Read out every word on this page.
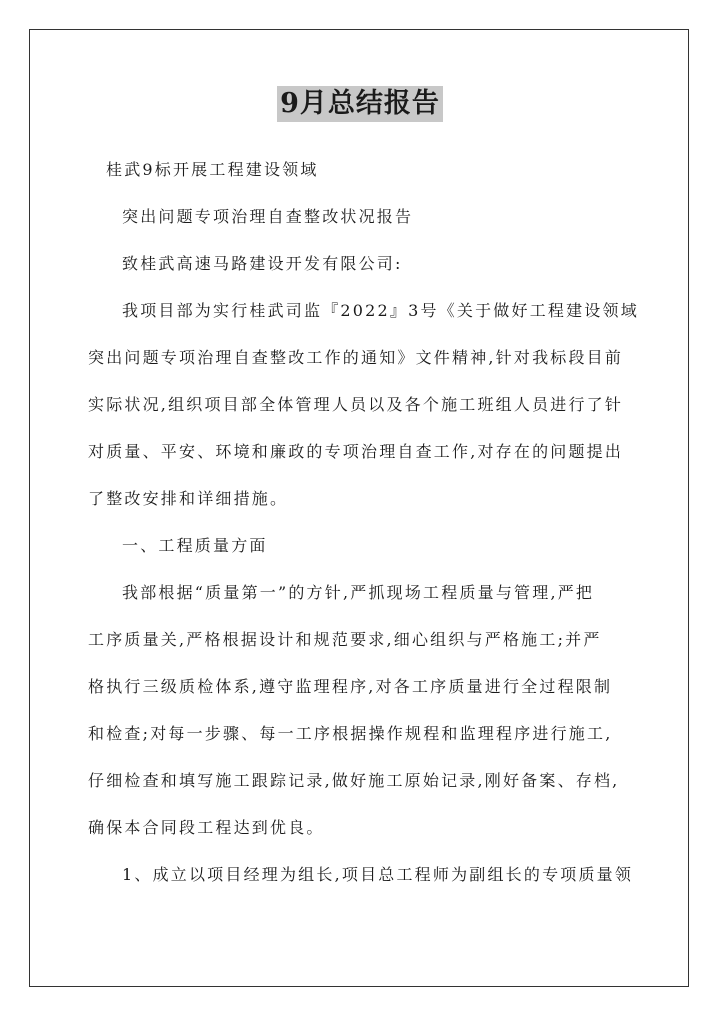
9月总结报告
桂武9标开展工程建设领域
突出问题专项治理自查整改状况报告
致桂武高速马路建设开发有限公司:
我项目部为实行桂武司监『2022』3号《关于做好工程建设领域
突出问题专项治理自查整改工作的通知》文件精神,针对我标段目前
实际状况,组织项目部全体管理人员以及各个施工班组人员进行了针
对质量、平安、环境和廉政的专项治理自查工作,对存在的问题提出
了整改安排和详细措施。
一、工程质量方面
我部根据“质量第一”的方针,严抓现场工程质量与管理,严把
工序质量关,严格根据设计和规范要求,细心组织与严格施工;并严
格执行三级质检体系,遵守监理程序,对各工序质量进行全过程限制
和检查;对每一步骤、每一工序根据操作规程和监理程序进行施工,
仔细检查和填写施工跟踪记录,做好施工原始记录,刚好备案、存档,
确保本合同段工程达到优良。
1、成立以项目经理为组长,项目总工程师为副组长的专项质量领
